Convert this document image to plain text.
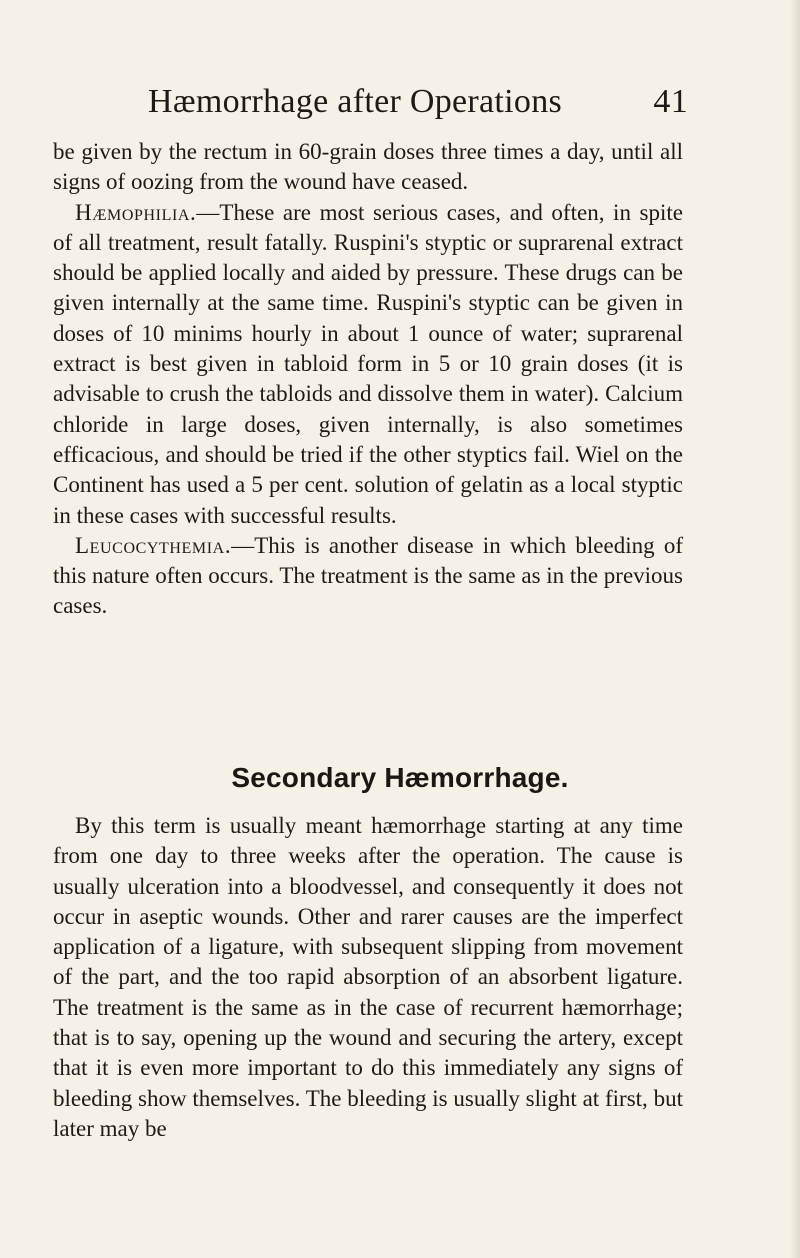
Hæmorrhage after Operations	41

be given by the rectum in 60-grain doses three times a day, until all signs of oozing from the wound have ceased.

Hæmophilia.—These are most serious cases, and often, in spite of all treatment, result fatally. Ruspini's styptic or suprarenal extract should be applied locally and aided by pressure. These drugs can be given internally at the same time. Ruspini's styptic can be given in doses of 10 minims hourly in about 1 ounce of water; suprarenal extract is best given in tabloid form in 5 or 10 grain doses (it is advisable to crush the tabloids and dissolve them in water). Calcium chloride in large doses, given internally, is also sometimes efficacious, and should be tried if the other styptics fail. Wiel on the Continent has used a 5 per cent. solution of gelatin as a local styptic in these cases with successful results.

Leucocythemia.—This is another disease in which bleeding of this nature often occurs. The treatment is the same as in the previous cases.

Secondary Hæmorrhage.

By this term is usually meant hæmorrhage starting at any time from one day to three weeks after the operation. The cause is usually ulceration into a bloodvessel, and consequently it does not occur in aseptic wounds. Other and rarer causes are the imperfect application of a ligature, with subsequent slipping from movement of the part, and the too rapid absorption of an absorbent ligature. The treatment is the same as in the case of recurrent hæmorrhage; that is to say, opening up the wound and securing the artery, except that it is even more important to do this immediately any signs of bleeding show themselves. The bleeding is usually slight at first, but later may be
